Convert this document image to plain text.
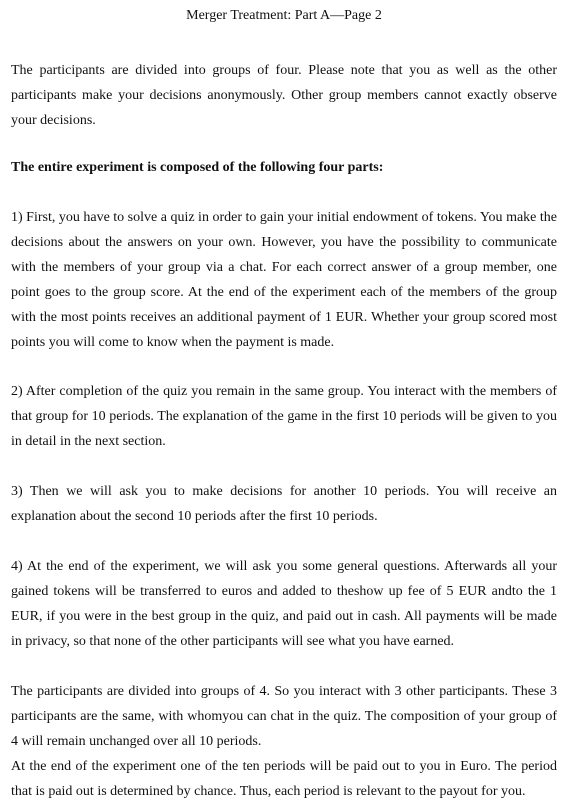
Merger Treatment: Part A—Page 2

The participants are divided into groups of four. Please note that you as well as the other participants make your decisions anonymously. Other group members cannot exactly observe your decisions.

The entire experiment is composed of the following four parts:

1) First, you have to solve a quiz in order to gain your initial endowment of tokens. You make the decisions about the answers on your own. However, you have the possibility to communicate with the members of your group via a chat. For each correct answer of a group member, one point goes to the group score. At the end of the experiment each of the members of the group with the most points receives an additional payment of 1 EUR. Whether your group scored most points you will come to know when the payment is made.

2) After completion of the quiz you remain in the same group. You interact with the members of that group for 10 periods. The explanation of the game in the first 10 periods will be given to you in detail in the next section.

3) Then we will ask you to make decisions for another 10 periods. You will receive an explanation about the second 10 periods after the first 10 periods.

4) At the end of the experiment, we will ask you some general questions. Afterwards all your gained tokens will be transferred to euros and added to theshow up fee of 5 EUR andto the 1 EUR, if you were in the best group in the quiz, and paid out in cash. All payments will be made in privacy, so that none of the other participants will see what you have earned.

The participants are divided into groups of 4. So you interact with 3 other participants. These 3 participants are the same, with whomyou can chat in the quiz. The composition of your group of 4 will remain unchanged over all 10 periods.

At the end of the experiment one of the ten periods will be paid out to you in Euro. The period that is paid out is determined by chance. Thus, each period is relevant to the payout for you.
